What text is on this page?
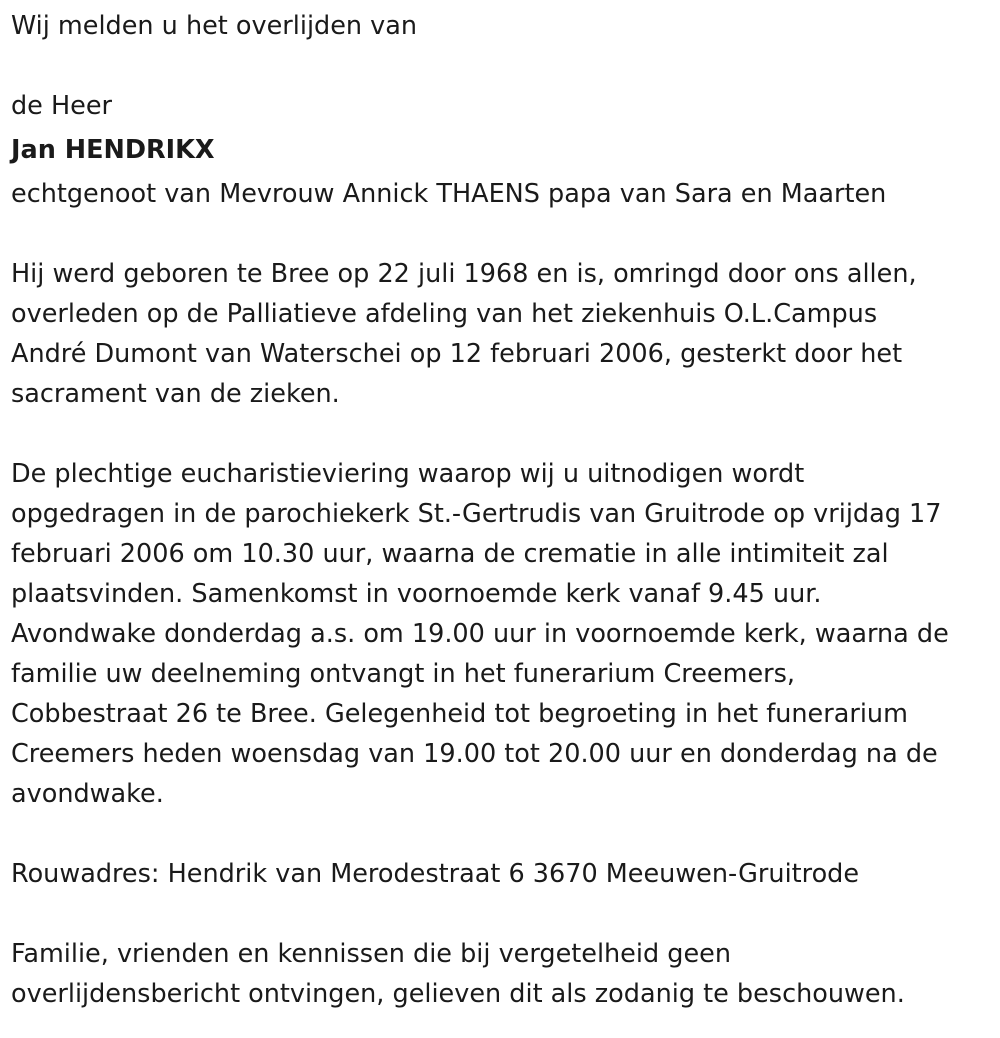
Wij melden u het overlijden van
de Heer
Jan HENDRIKX
echtgenoot van Mevrouw Annick THAENS papa van Sara en Maarten

Hij werd geboren te Bree op 22 juli 1968 en is, omringd door ons allen,
overleden op de Palliatieve afdeling van het ziekenhuis O.L.Campus
André Dumont van Waterschei op 12 februari 2006, gesterkt door het
sacrament van de zieken.

De plechtige eucharistieviering waarop wij u uitnodigen wordt
opgedragen in de parochiekerk St.-Gertrudis van Gruitrode op vrijdag 17
februari 2006 om 10.30 uur, waarna de crematie in alle intimiteit zal
plaatsvinden. Samenkomst in voornoemde kerk vanaf 9.45 uur.
Avondwake donderdag a.s. om 19.00 uur in voornoemde kerk, waarna de
familie uw deelneming ontvangt in het funerarium Creemers,
Cobbestraat 26 te Bree. Gelegenheid tot begroeting in het funerarium
Creemers heden woensdag van 19.00 tot 20.00 uur en donderdag na de
avondwake.

Rouwadres: Hendrik van Merodestraat 6 3670 Meeuwen-Gruitrode

Familie, vrienden en kennissen die bij vergetelheid geen
overlijdensbericht ontvingen, gelieven dit als zodanig te beschouwen.
